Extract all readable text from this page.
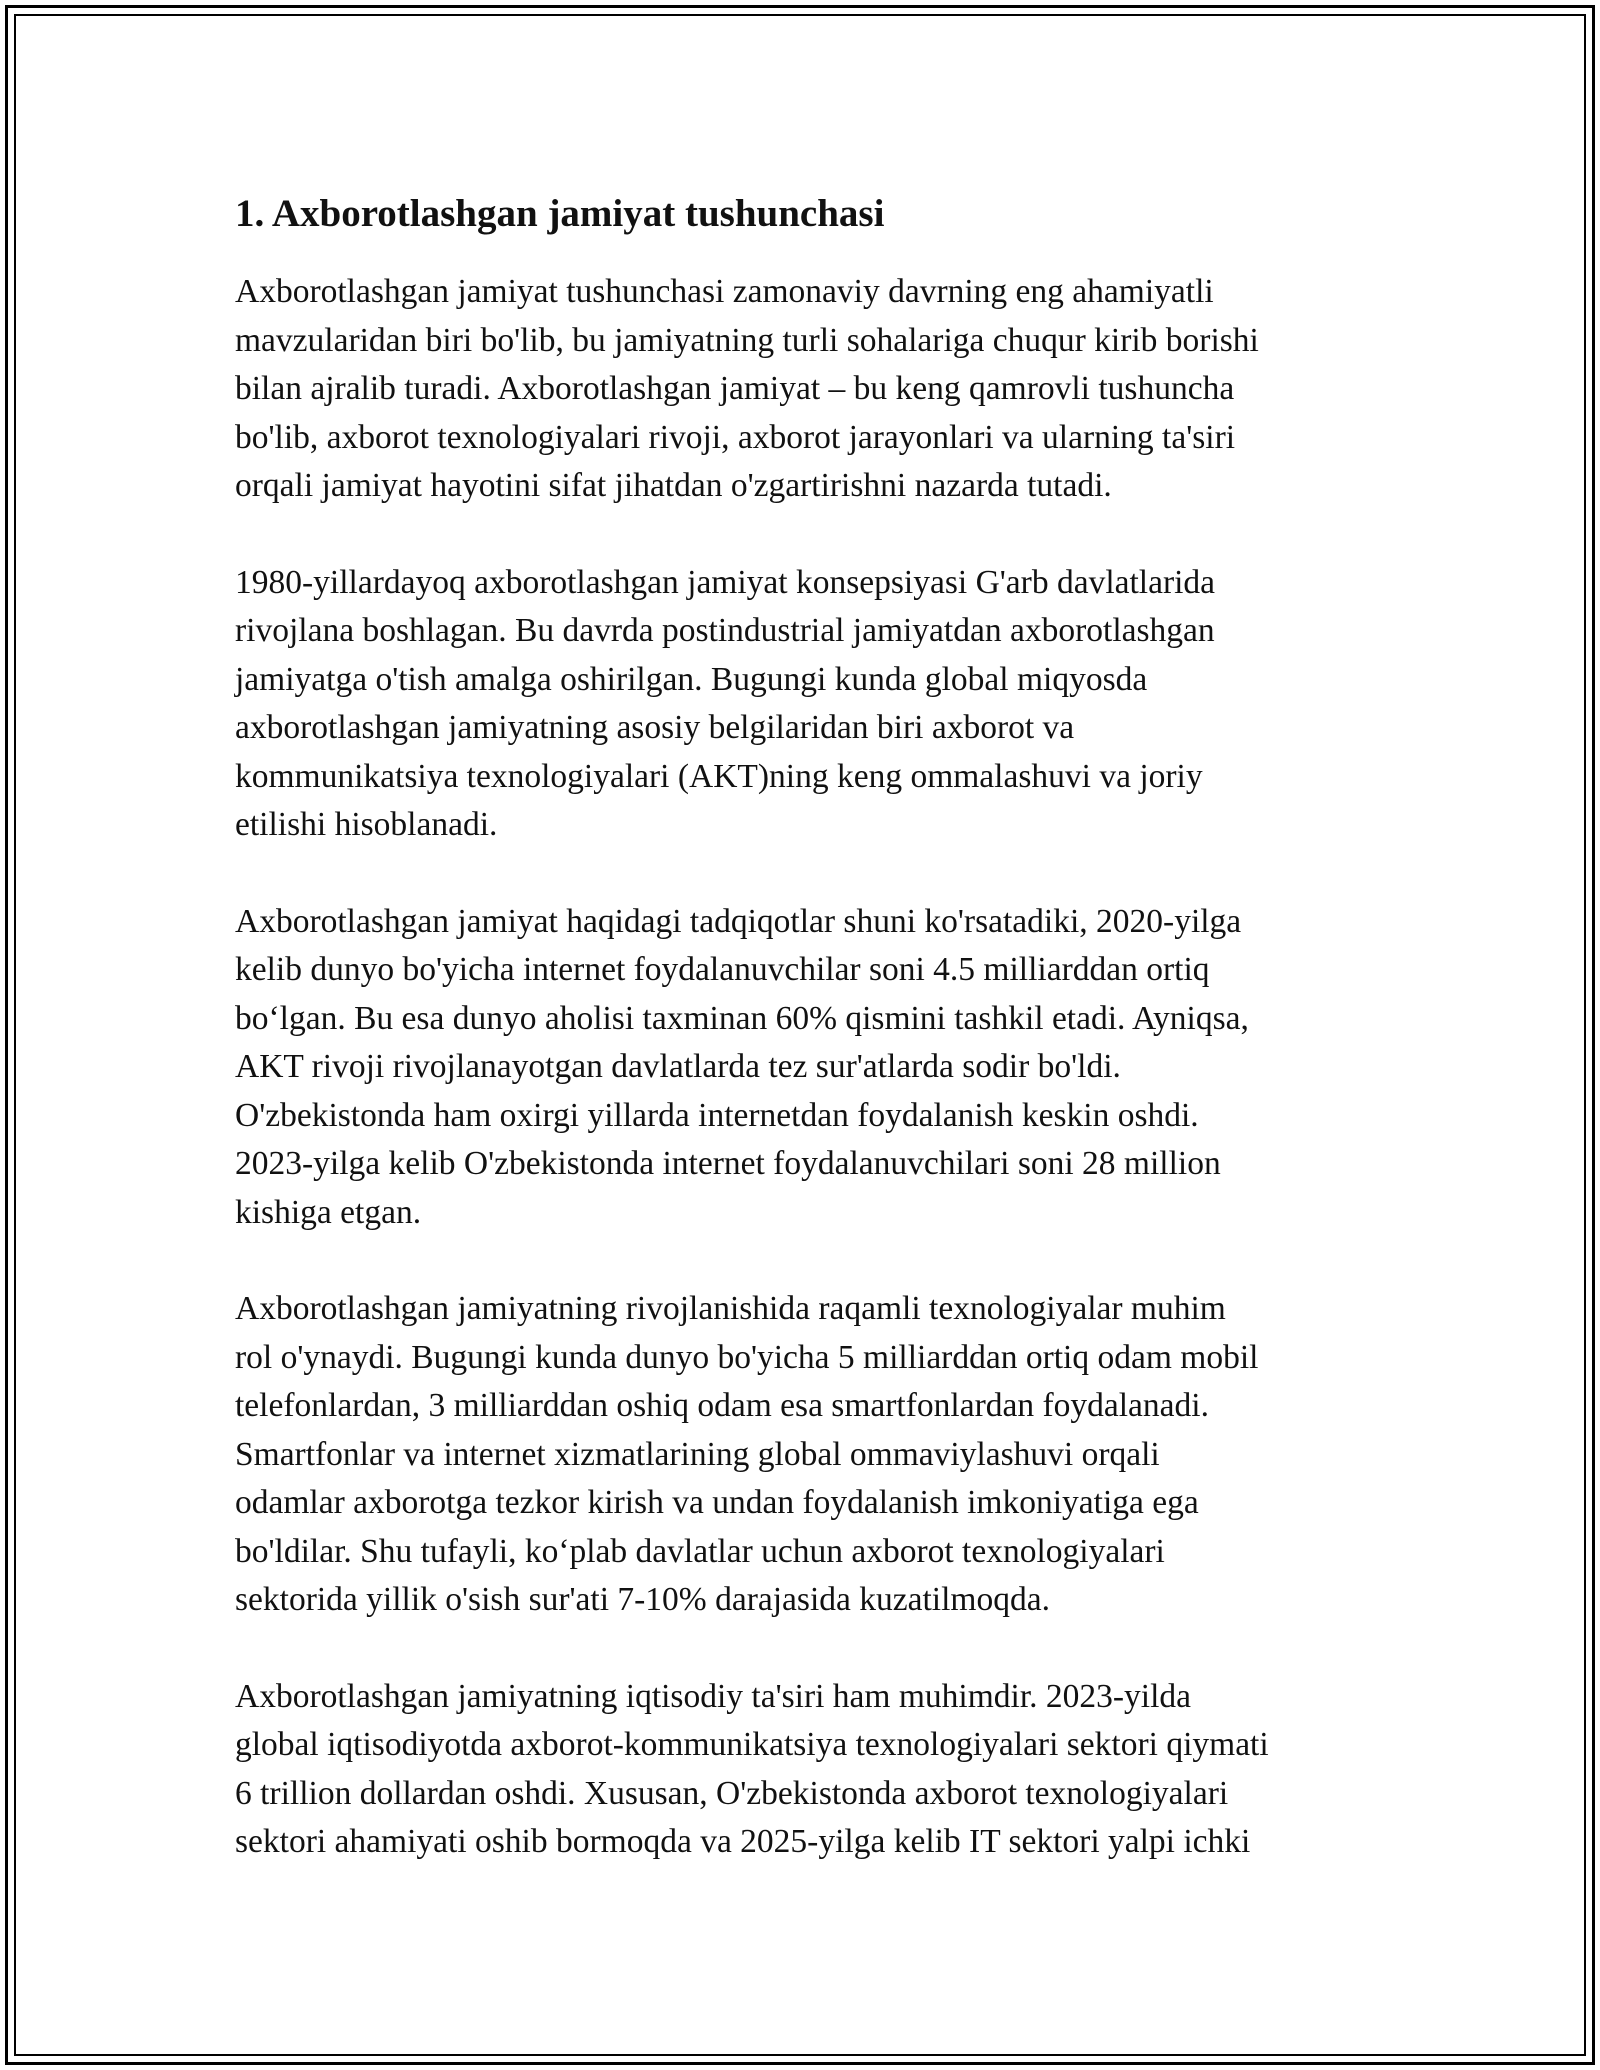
1. Axborotlashgan jamiyat tushunchasi

Axborotlashgan jamiyat tushunchasi zamonaviy davrning eng ahamiyatli
mavzularidan biri bo'lib, bu jamiyatning turli sohalariga chuqur kirib borishi
bilan ajralib turadi. Axborotlashgan jamiyat – bu keng qamrovli tushuncha
bo'lib, axborot texnologiyalari rivoji, axborot jarayonlari va ularning ta'siri
orqali jamiyat hayotini sifat jihatdan o'zgartirishni nazarda tutadi.

1980-yillardayoq axborotlashgan jamiyat konsepsiyasi G'arb davlatlarida
rivojlana boshlagan. Bu davrda postindustrial jamiyatdan axborotlashgan
jamiyatga o'tish amalga oshirilgan. Bugungi kunda global miqyosda
axborotlashgan jamiyatning asosiy belgilaridan biri axborot va
kommunikatsiya texnologiyalari (AKT)ning keng ommalashuvi va joriy
etilishi hisoblanadi.

Axborotlashgan jamiyat haqidagi tadqiqotlar shuni ko'rsatadiki, 2020-yilga
kelib dunyo bo'yicha internet foydalanuvchilar soni 4.5 milliarddan ortiq
bo‘lgan. Bu esa dunyo aholisi taxminan 60% qismini tashkil etadi. Ayniqsa,
AKT rivoji rivojlanayotgan davlatlarda tez sur'atlarda sodir bo'ldi.
O'zbekistonda ham oxirgi yillarda internetdan foydalanish keskin oshdi.
2023-yilga kelib O'zbekistonda internet foydalanuvchilari soni 28 million
kishiga etgan.

Axborotlashgan jamiyatning rivojlanishida raqamli texnologiyalar muhim
rol o'ynaydi. Bugungi kunda dunyo bo'yicha 5 milliarddan ortiq odam mobil
telefonlardan, 3 milliarddan oshiq odam esa smartfonlardan foydalanadi.
Smartfonlar va internet xizmatlarining global ommaviylashuvi orqali
odamlar axborotga tezkor kirish va undan foydalanish imkoniyatiga ega
bo'ldilar. Shu tufayli, ko‘plab davlatlar uchun axborot texnologiyalari
sektorida yillik o'sish sur'ati 7-10% darajasida kuzatilmoqda.

Axborotlashgan jamiyatning iqtisodiy ta'siri ham muhimdir. 2023-yilda
global iqtisodiyotda axborot-kommunikatsiya texnologiyalari sektori qiymati
6 trillion dollardan oshdi. Xususan, O'zbekistonda axborot texnologiyalari
sektori ahamiyati oshib bormoqda va 2025-yilga kelib IT sektori yalpi ichki
